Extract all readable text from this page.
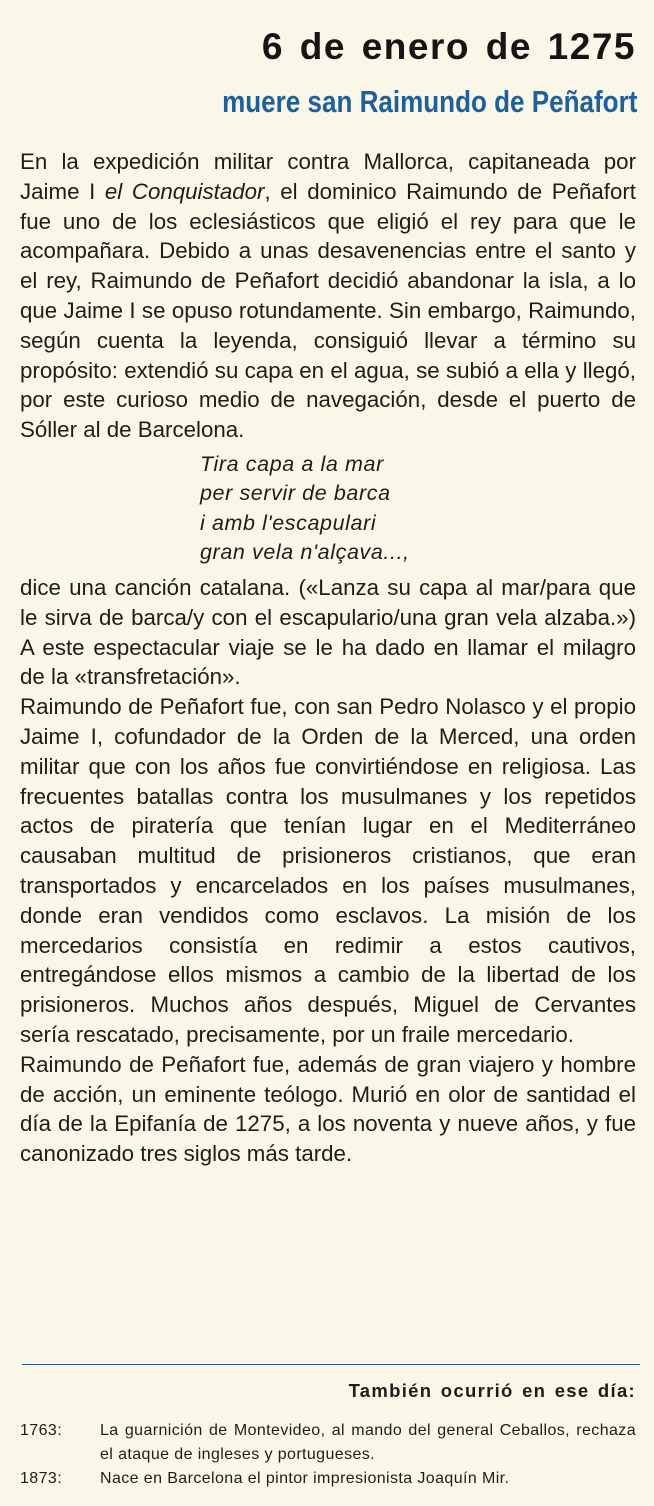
6 de enero de 1275
muere san Raimundo de Peñafort

En la expedición militar contra Mallorca, capitaneada por Jaime I el Conquistador, el dominico Raimundo de Peñafort fue uno de los eclesiásticos que eligió el rey para que le acompañara. Debido a unas desavenencias entre el santo y el rey, Raimundo de Peñafort decidió abandonar la isla, a lo que Jaime I se opuso rotundamente. Sin embargo, Raimundo, según cuenta la leyenda, consiguió llevar a término su propósito: extendió su capa en el agua, se subió a ella y llegó, por este curioso medio de navegación, desde el puerto de Sóller al de Barcelona.

Tira capa a la mar
per servir de barca
i amb l'escapulari
gran vela n'alçava...,

dice una canción catalana. («Lanza su capa al mar/para que le sirva de barca/y con el escapulario/una gran vela alzaba.») A este espectacular viaje se le ha dado en llamar el milagro de la «transfretación».

Raimundo de Peñafort fue, con san Pedro Nolasco y el propio Jaime I, cofundador de la Orden de la Merced, una orden militar que con los años fue convirtiéndose en religiosa. Las frecuentes batallas contra los musulmanes y los repetidos actos de piratería que tenían lugar en el Mediterráneo causaban multitud de prisioneros cristianos, que eran transportados y encarcelados en los países musulmanes, donde eran vendidos como esclavos. La misión de los mercedarios consistía en redimir a estos cautivos, entregándose ellos mismos a cambio de la libertad de los prisioneros. Muchos años después, Miguel de Cervantes sería rescatado, precisamente, por un fraile mercedario.

Raimundo de Peñafort fue, además de gran viajero y hombre de acción, un eminente teólogo. Murió en olor de santidad el día de la Epifanía de 1275, a los noventa y nueve años, y fue canonizado tres siglos más tarde.

También ocurrió en ese día:
1763:	La guarnición de Montevideo, al mando del general Ceballos, rechaza el ataque de ingleses y portugueses.
1873:	Nace en Barcelona el pintor impresionista Joaquín Mir.
